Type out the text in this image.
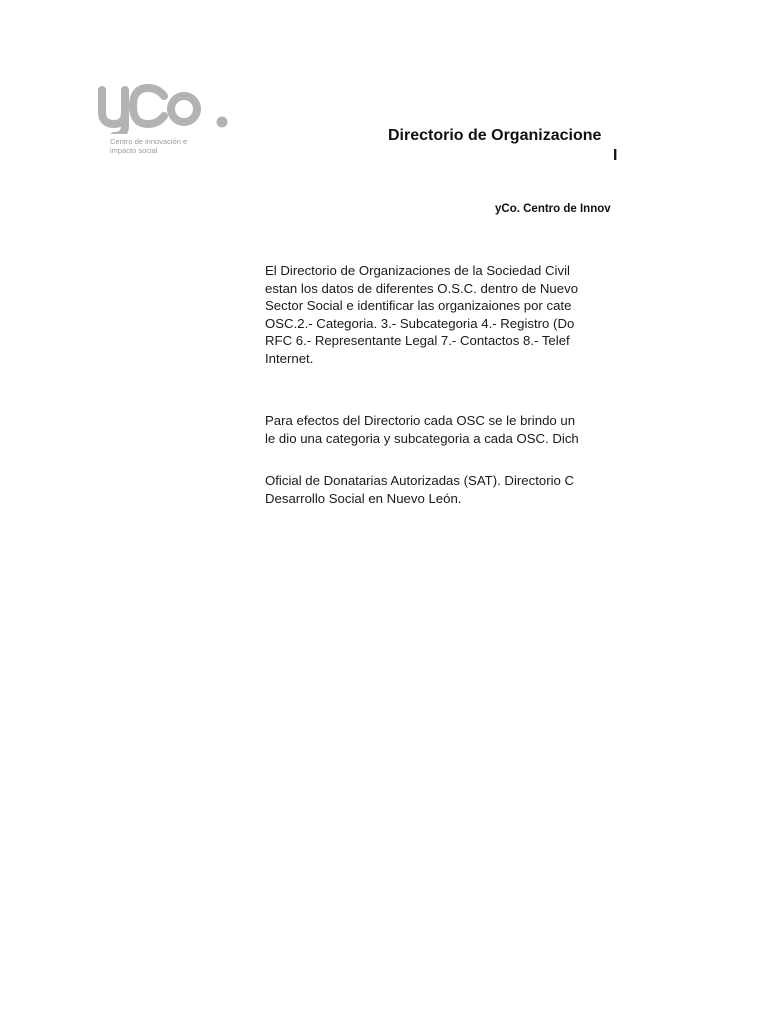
Centro de innovación e
impacto social
Directorio de Organizacione
I
yCo. Centro de Innov
El Directorio de Organizaciones de la Sociedad Civil
estan los datos de diferentes O.S.C. dentro de Nuevo
Sector Social e identificar las organizaiones por cate
OSC.2.- Categoria. 3.- Subcategoria 4.- Registro (Do
RFC 6.- Representante Legal 7.- Contactos 8.- Telef
Internet.
Para efectos del Directorio cada OSC se le brindo un
le dio una categoria y subcategoria a cada OSC. Dich
Oficial de Donatarias Autorizadas (SAT). Directorio C
Desarrollo Social en Nuevo León.
